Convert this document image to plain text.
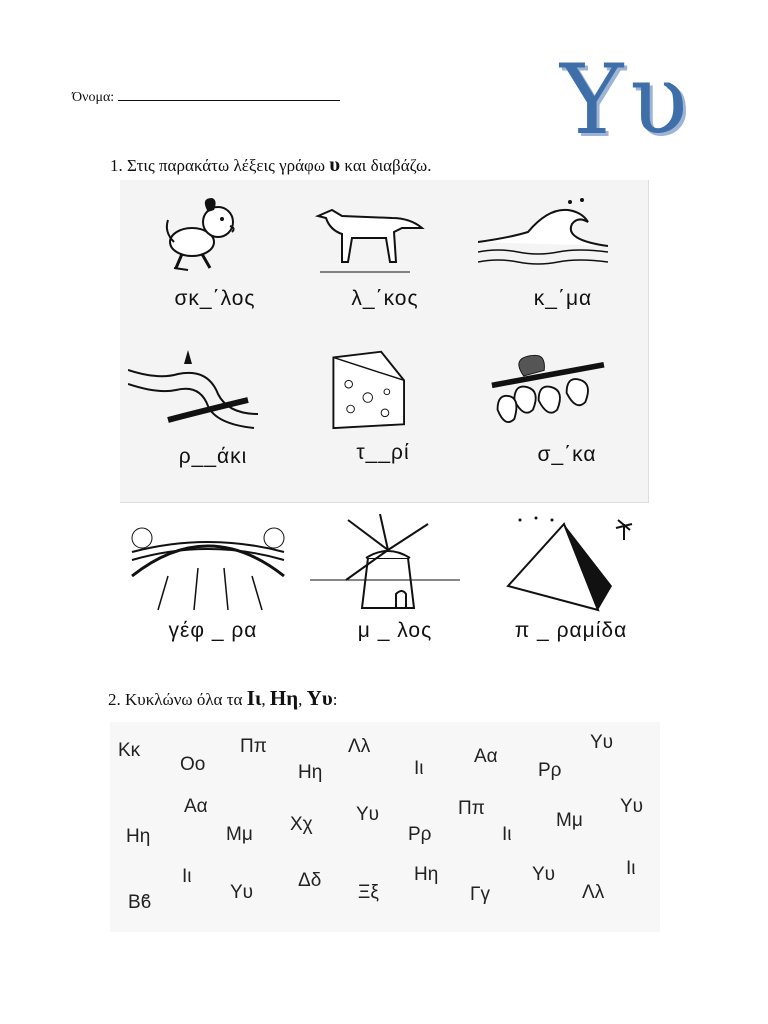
Όνομα:	Υυ
1. Στις παρακάτω λέξεις γράφω υ και διαβάζω.
σκ_΄λος	λ_΄κος	κ_΄μα
ρ__άκι	τ__ρί	σ_΄κα
γέφ _ ρα	μ _ λος	π _ ραμίδα
2. Κυκλώνω όλα τα Ιι, Ηη, Υυ:
Κκ
Οο
Ππ
Ηη
Λλ
Ιι
Αα
Ρρ
Υυ
Αα
Ηη	Μμ Χχ Υυ
Ρρ
Ππ
Ιι
Μμ
Υυ
Ιι
Βϐ	Υυ
Δδ
Ξξ
Ηη
Γγ
Υυ
Λλ
Ιι
